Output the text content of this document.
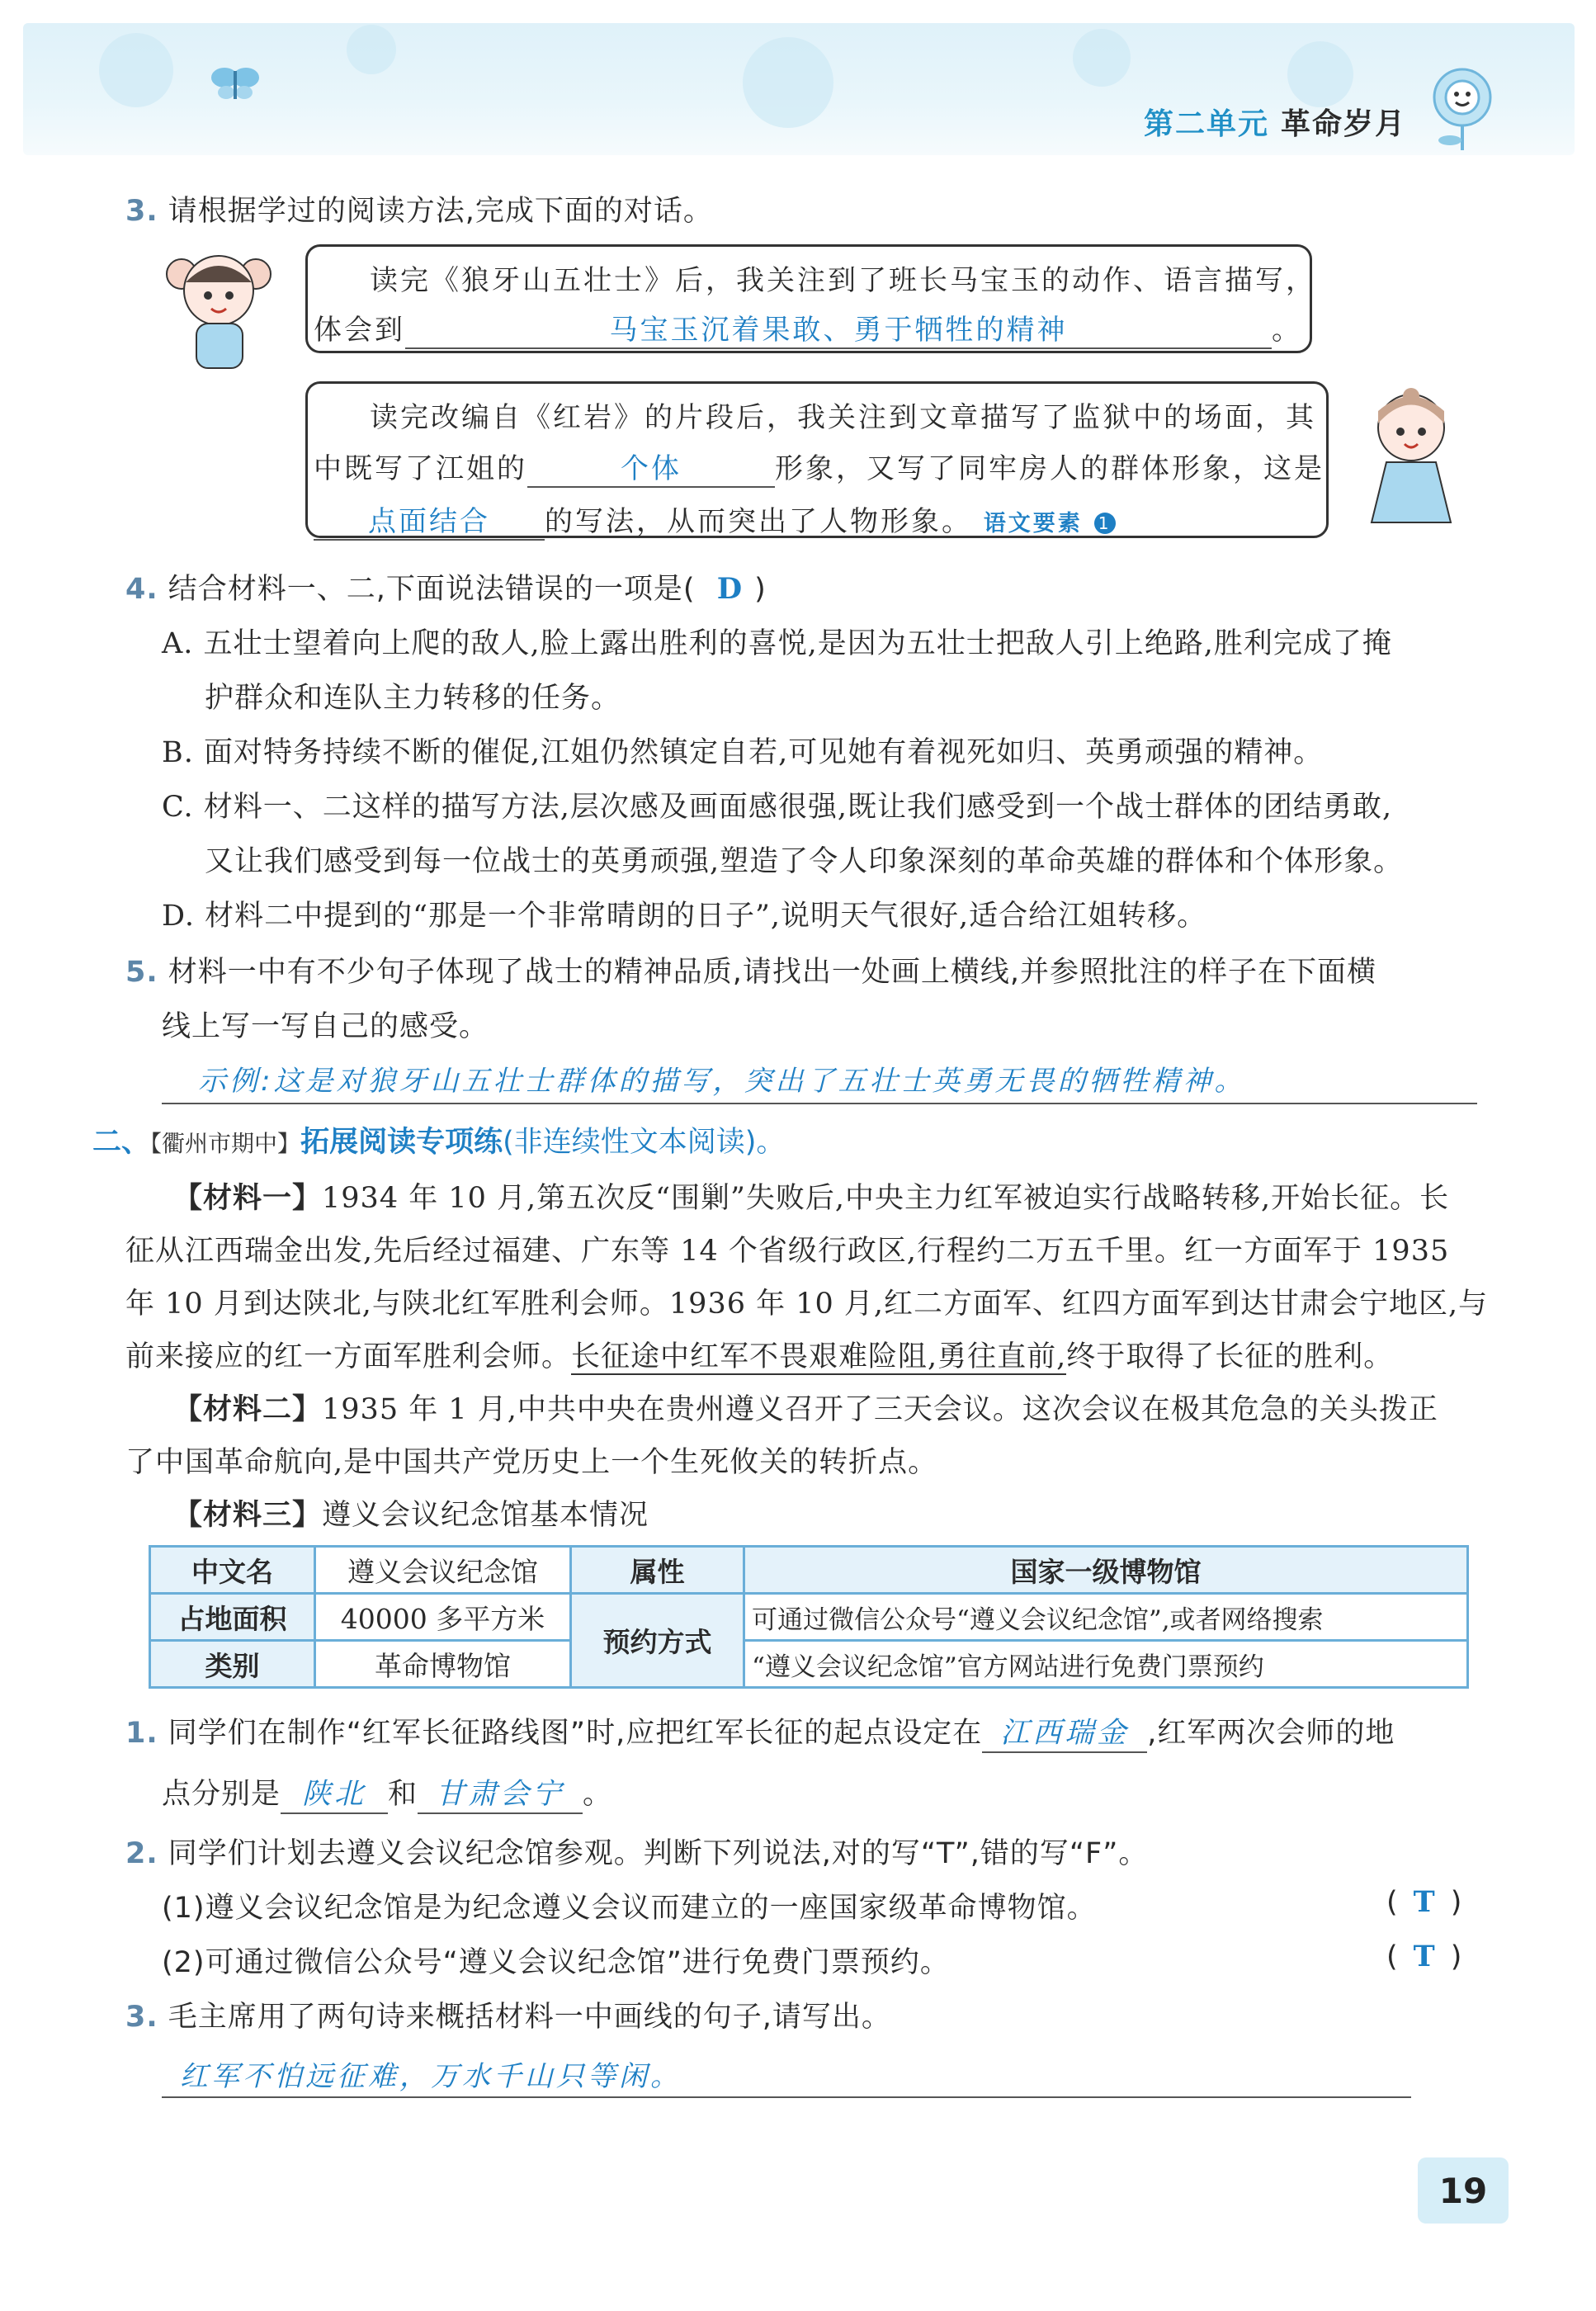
第二单元 革命岁月
3. 请根据学过的阅读方法,完成下面的对话。
读完《狼牙山五壮士》后，我关注到了班长马宝玉的动作、语言描写，
体会到	马宝玉沉着果敢、勇于牺牲的精神	。
读完改编自《红岩》的片段后，我关注到文章描写了监狱中的场面，其
中既写了江姐的	个体	形象，又写了同牢房人的群体形象，这是
点面结合 的写法，从而突出了人物形象。 语文要素 1
4. 结合材料一、二,下面说法错误的一项是( D )
A. 五壮士望着向上爬的敌人,脸上露出胜利的喜悦,是因为五壮士把敌人引上绝路,胜利完成了掩
护群众和连队主力转移的任务。
B. 面对特务持续不断的催促,江姐仍然镇定自若,可见她有着视死如归、英勇顽强的精神。
C. 材料一、二这样的描写方法,层次感及画面感很强,既让我们感受到一个战士群体的团结勇敢,
又让我们感受到每一位战士的英勇顽强,塑造了令人印象深刻的革命英雄的群体和个体形象。
D. 材料二中提到的“那是一个非常晴朗的日子”,说明天气很好,适合给江姐转移。
5. 材料一中有不少句子体现了战士的精神品质,请找出一处画上横线,并参照批注的样子在下面横
线上写一写自己的感受。
示例:这是对狼牙山五壮士群体的描写，突出了五壮士英勇无畏的牺牲精神。
二、【衢州市期中】拓展阅读专项练(非连续性文本阅读)。
【材料一】1934 年 10 月,第五次反“围剿”失败后,中央主力红军被迫实行战略转移,开始长征。长
征从江西瑞金出发,先后经过福建、广东等 14 个省级行政区,行程约二万五千里。红一方面军于 1935
年 10 月到达陕北,与陕北红军胜利会师。1936 年 10 月,红二方面军、红四方面军到达甘肃会宁地区,与
前来接应的红一方面军胜利会师。长征途中红军不畏艰难险阻,勇往直前,终于取得了长征的胜利。
【材料二】1935 年 1 月,中共中央在贵州遵义召开了三天会议。这次会议在极其危急的关头拨正
了中国革命航向,是中国共产党历史上一个生死攸关的转折点。
【材料三】遵义会议纪念馆基本情况
中文名	遵义会议纪念馆	属性	国家一级博物馆
占地面积	40000 多平方米	预约方式	可通过微信公众号“遵义会议纪念馆”,或者网络搜索
类别	革命博物馆		“遵义会议纪念馆”官方网站进行免费门票预约
1. 同学们在制作“红军长征路线图”时,应把红军长征的起点设定在 江西瑞金 ,红军两次会师的地
点分别是 陕北 和 甘肃会宁 。
2. 同学们计划去遵义会议纪念馆参观。判断下列说法,对的写“T”,错的写“F”。
(1)遵义会议纪念馆是为纪念遵义会议而建立的一座国家级革命博物馆。	( T )
(2)可通过微信公众号“遵义会议纪念馆”进行免费门票预约。	( T )
3. 毛主席用了两句诗来概括材料一中画线的句子,请写出。
红军不怕远征难，万水千山只等闲。
19
